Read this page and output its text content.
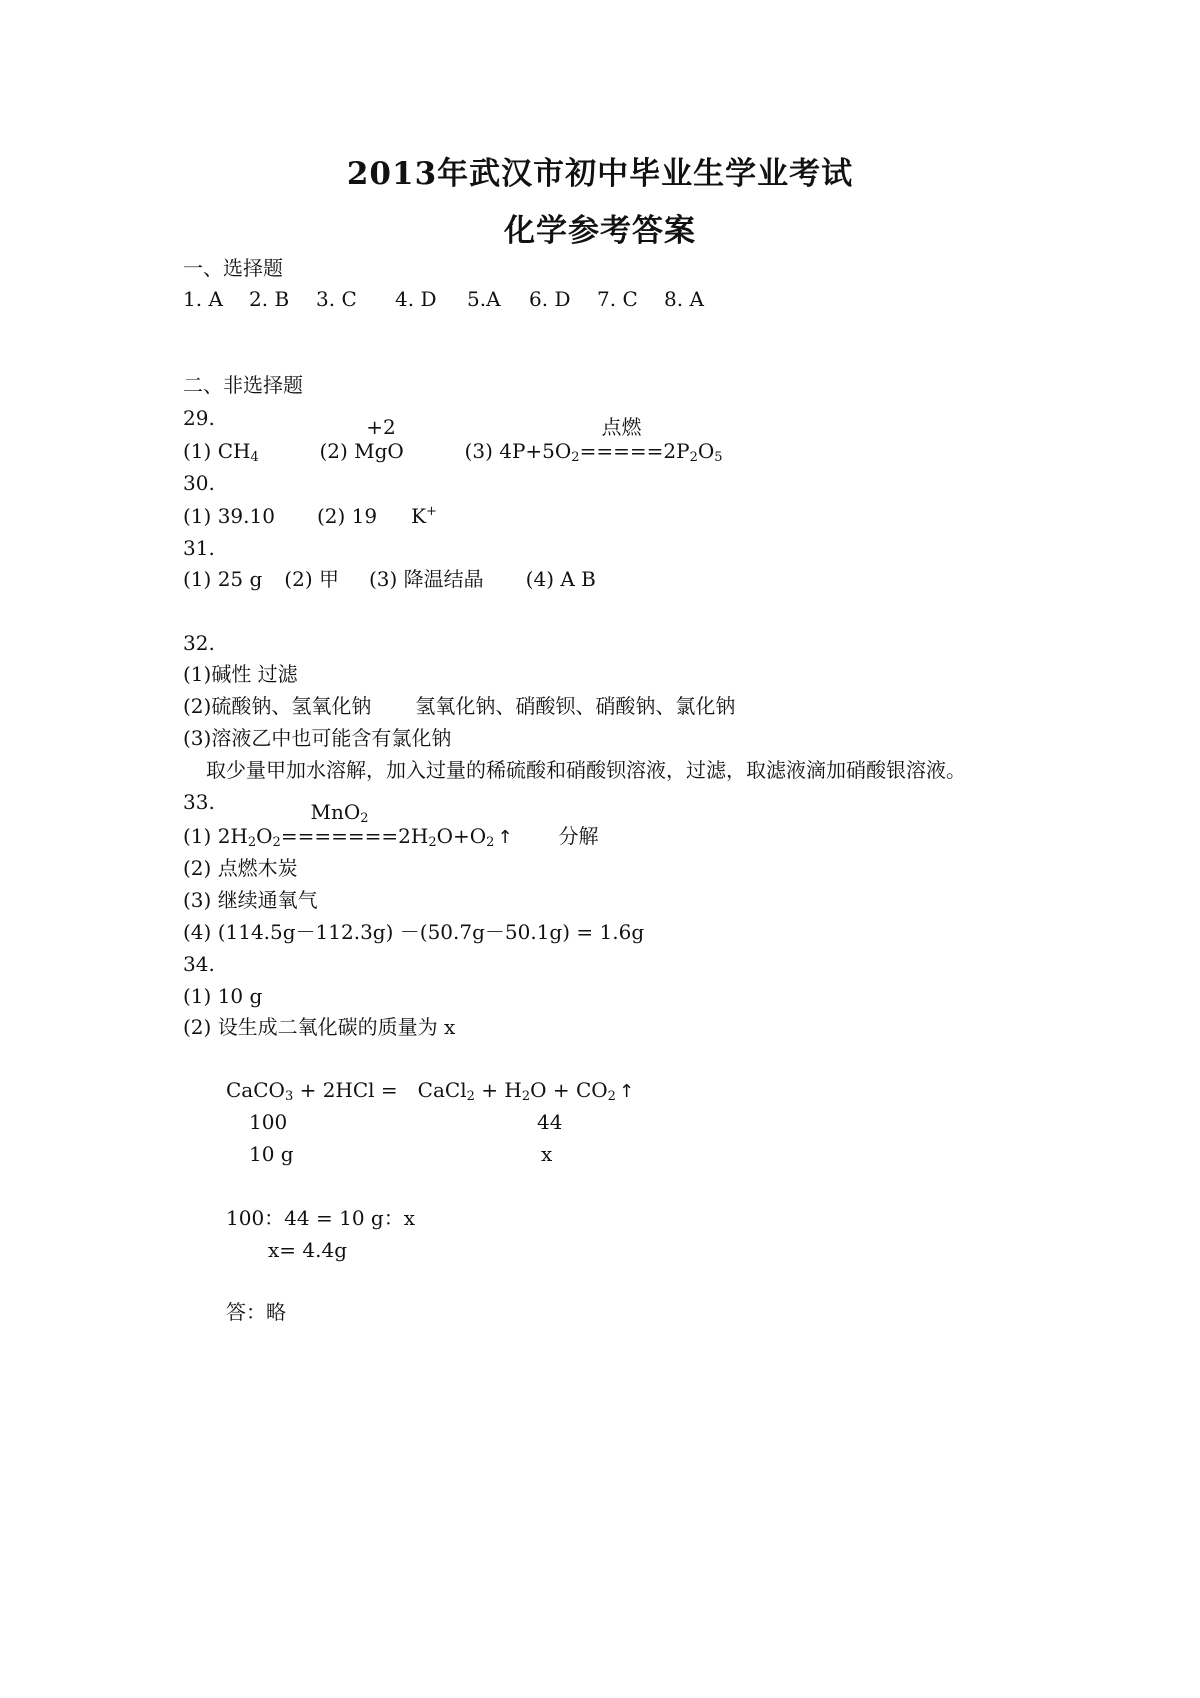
2013年武汉市初中毕业生学业考试
化学参考答案
一、选择题
1. A 2. B 3. C 4. D 5.A 6. D 7. C 8. A
二、非选择题
29.
(1) $CH_4$	(2) M
+2
gO	(3) $4P+5O_2$
点燃
$=====2P_2O_5$
30.
(1) 39.10 (2) 19 K+
31.
(1) 25 g (2) 甲 (3) 降温结晶 (4) A B
32.
(1)碱性 过滤
(2)硫酸钠、氢氧化钠 氢氧化钠、硝酸钡、硝酸钠、氯化钠
(3)溶液乙中也可能含有氯化钠
取少量甲加水溶解，加入过量的稀硫酸和硝酸钡溶液，过滤，取滤液滴加硝酸银溶液。
33.
(1) $2H_2O_2$
MnO$_2$
$=======2H_2O+O_2$ ↑ 分解
(2) 点燃木炭
(3) 继续通氧气
(4) (114.5g－112.3g) －(50.7g－50.1g) = 1.6g
34.
(1) 10 g
(2) 设生成二氧化碳的质量为 x
CaCO$_3$ + 2HCl = CaCl$_2$ + $H_2O + CO_2$ ↑
100	44
10 g	x
100：44 = 10 g：x
x= 4.4g
答：略
